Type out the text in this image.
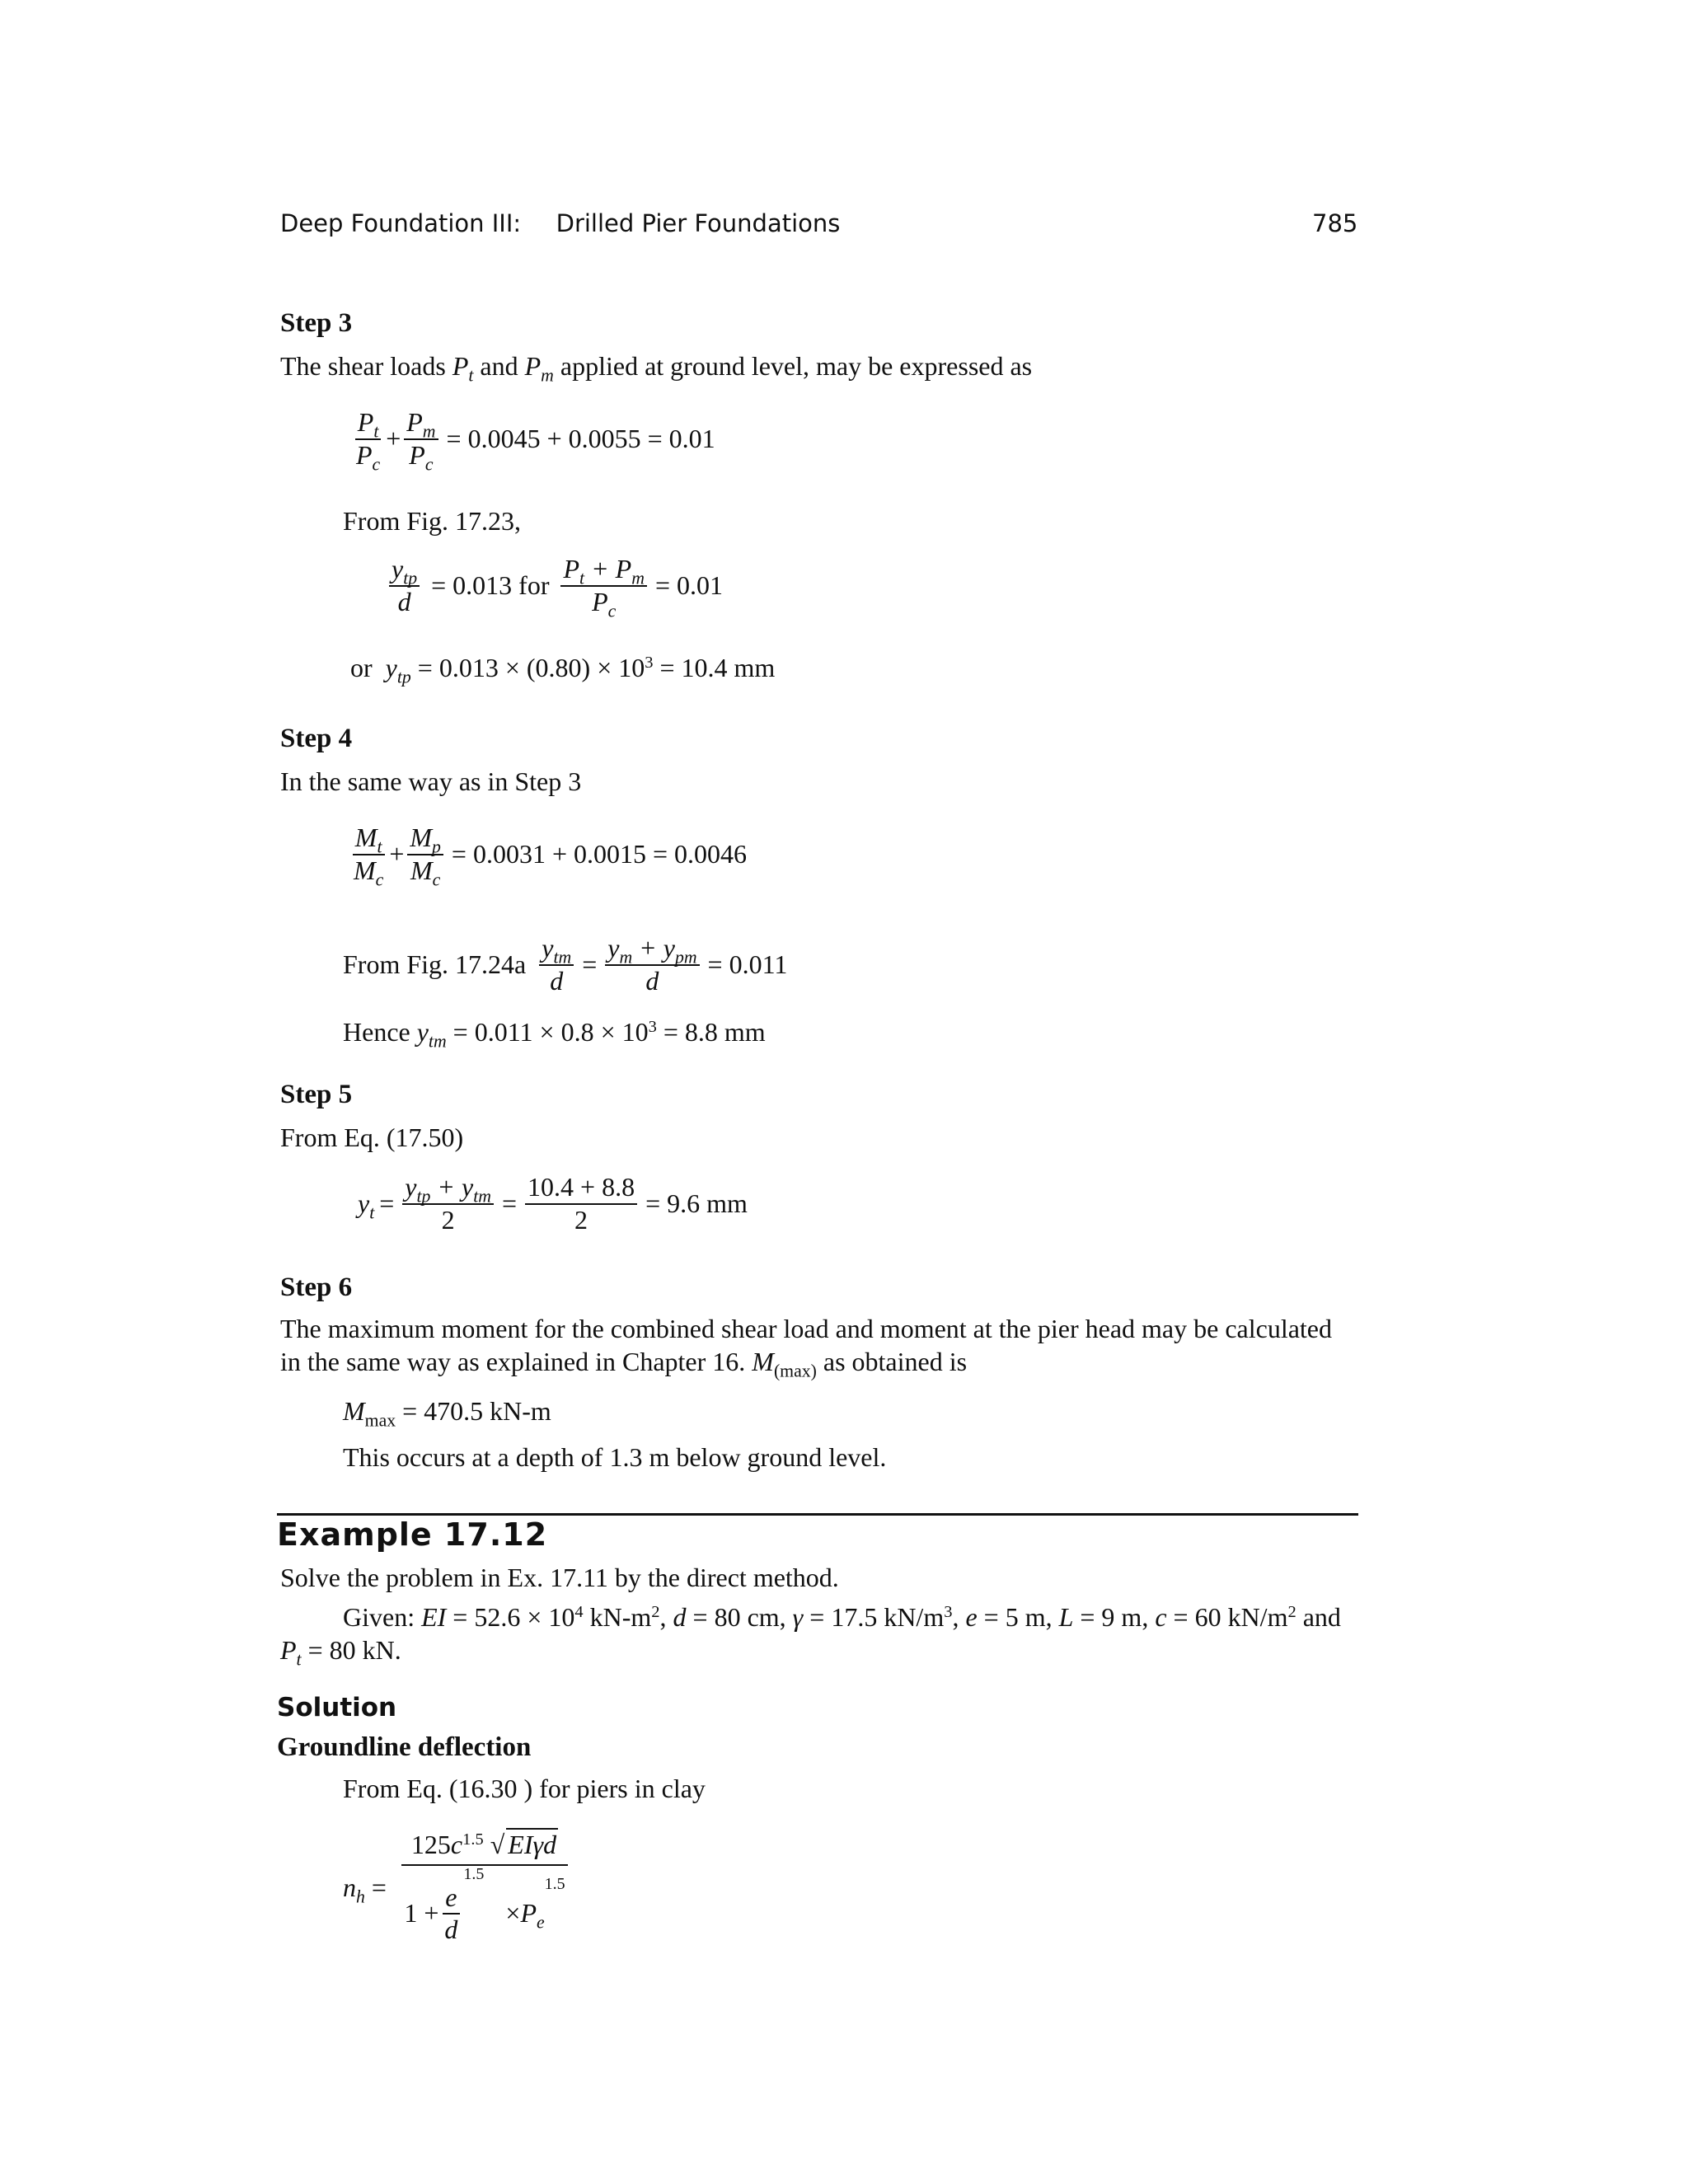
Deep Foundation III: Drilled Pier Foundations	785
Step 3
The shear loads $P_t$ and $P_m$ applied at ground level, may be expressed as
$\frac{P_t}{P_c} + \frac{P_m}{P_c} = 0.0045 + 0.0055 = 0.01$
From Fig. 17.23,
$\frac{y_{tp}}{d} = 0.013$ for $\frac{P_t + P_m}{P_c} = 0.01$
or $y_{tp} = 0.013 \times (0.80) \times 10^3 = 10.4$ mm
Step 4
In the same way as in Step 3
$\frac{M_t}{M_c} + \frac{M_p}{M_c} = 0.0031 + 0.0015 = 0.0046$
From Fig. $17.24a \frac{y_{tm}}{d} = \frac{y_m + y_{pm}}{d} = 0.011$
Hence $y_{tm} = 0.011 \times 0.8 \times 10^3 = 8.8$ mm
Step 5
From Eq. (17.50)
$y_t = \frac{y_{tp} + y_{tm}}{2} = \frac{10.4 + 8.8}{2} = 9.6$ mm
Step 6
The maximum moment for the combined shear load and moment at the pier head may be calculated
in the same way as explained in Chapter 16. $M_{(max)}$ as obtained is
$M_{max} = 470.5$ kN-m
This occurs at a depth of 1.3 m below ground level.
Example 17.12
Solve the problem in Ex. 17.11 by the direct method.
Given: EI = $52.6 \times 10^4$ $kN-m^2$, d = 80 cm, γ = 17.5 $kN/m^3$, e = 5 m, L = 9 m, c = 60 $kN/m^2$ and
$P_t = 80$ kN.
Solution
Groundline deflection
From Eq. (16.30 ) for piers in clay
$n_h = 125c^{1.5}$ √ EIγd
$1 + \frac{e}{d}$
1.5
× $P_e$
1.5
